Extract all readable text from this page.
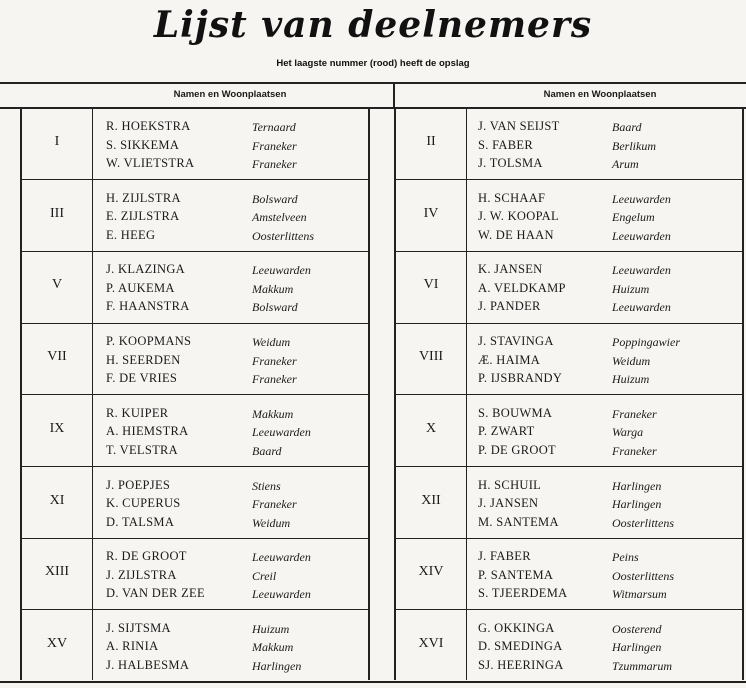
Lijst van deelnemers
Het laagste nummer (rood) heeft de opslag
Namen en Woonplaatsen	Namen en Woonplaatsen
I
R. HOEKSTRA	Ternaard
S. SIKKEMA	Franeker
W. VLIETSTRA	Franeker
III
H. ZIJLSTRA	Bolsward
E. ZIJLSTRA	Amstelveen
E. HEEG	Oosterlittens
V
J. KLAZINGA	Leeuwarden
P. AUKEMA	Makkum
F. HAANSTRA	Bolsward
VII
P. KOOPMANS	Weidum
H. SEERDEN	Franeker
F. DE VRIES	Franeker
IX
R. KUIPER	Makkum
A. HIEMSTRA	Leeuwarden
T. VELSTRA	Baard
XI
J. POEPJES	Stiens
K. CUPERUS	Franeker
D. TALSMA	Weidum
XIII
R. DE GROOT	Leeuwarden
J. ZIJLSTRA	Creil
D. VAN DER ZEE	Leeuwarden
XV
J. SIJTSMA	Huizum
A. RINIA	Makkum
J. HALBESMA	Harlingen
II
J. VAN SEIJST	Baard
S. FABER	Berlikum
J. TOLSMA	Arum
IV
H. SCHAAF	Leeuwarden
J. W. KOOPAL	Engelum
W. DE HAAN	Leeuwarden
VI
K. JANSEN	Leeuwarden
A. VELDKAMP	Huizum
J. PANDER	Leeuwarden
VIII
J. STAVINGA	Poppingawier
Æ. HAIMA	Weidum
P. IJSBRANDY	Huizum
X
S. BOUWMA	Franeker
P. ZWART	Warga
P. DE GROOT	Franeker
XII
H. SCHUIL	Harlingen
J. JANSEN	Harlingen
M. SANTEMA	Oosterlittens
XIV
J. FABER	Peins
P. SANTEMA	Oosterlittens
S. TJEERDEMA	Witmarsum
XVI
G. OKKINGA	Oosterend
D. SMEDINGA	Harlingen
SJ. HEERINGA	Tzummarum
